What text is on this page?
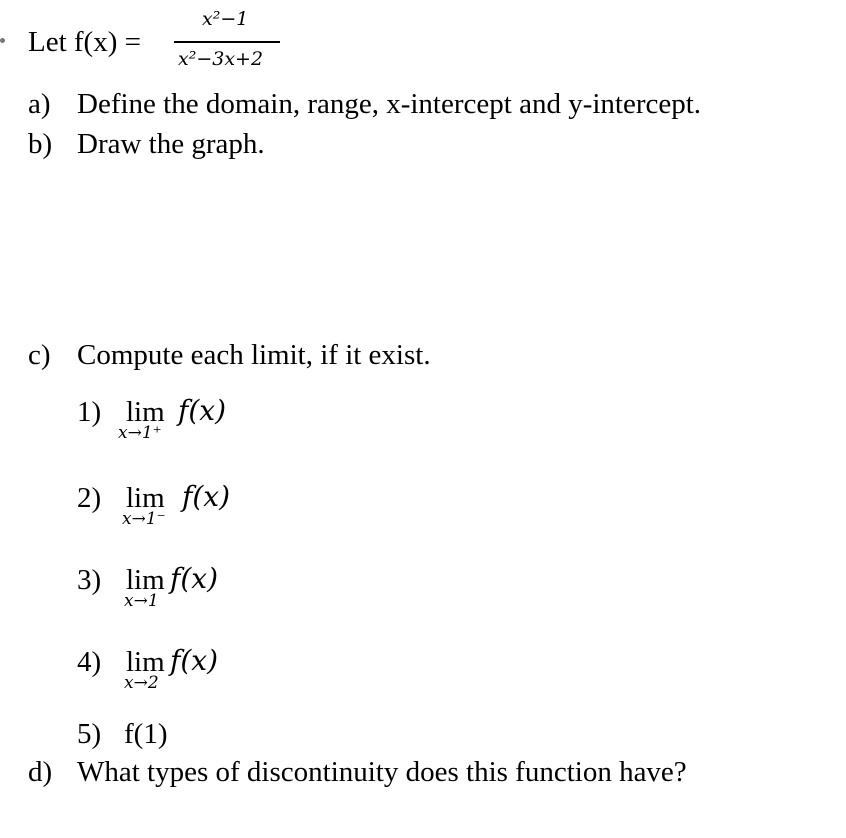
Let f(x) =
x²−1
x²−3x+2
a) Define the domain, range, x-intercept and y-intercept.
b) Draw the graph.
c) Compute each limit, if it exist.
1) lim
x→1⁺
f(x)
2) lim
x→1⁻
f(x)
3) lim
x→1
f(x)
4) lim
x→2
f(x)
5) f(1)
d) What types of discontinuity does this function have?
